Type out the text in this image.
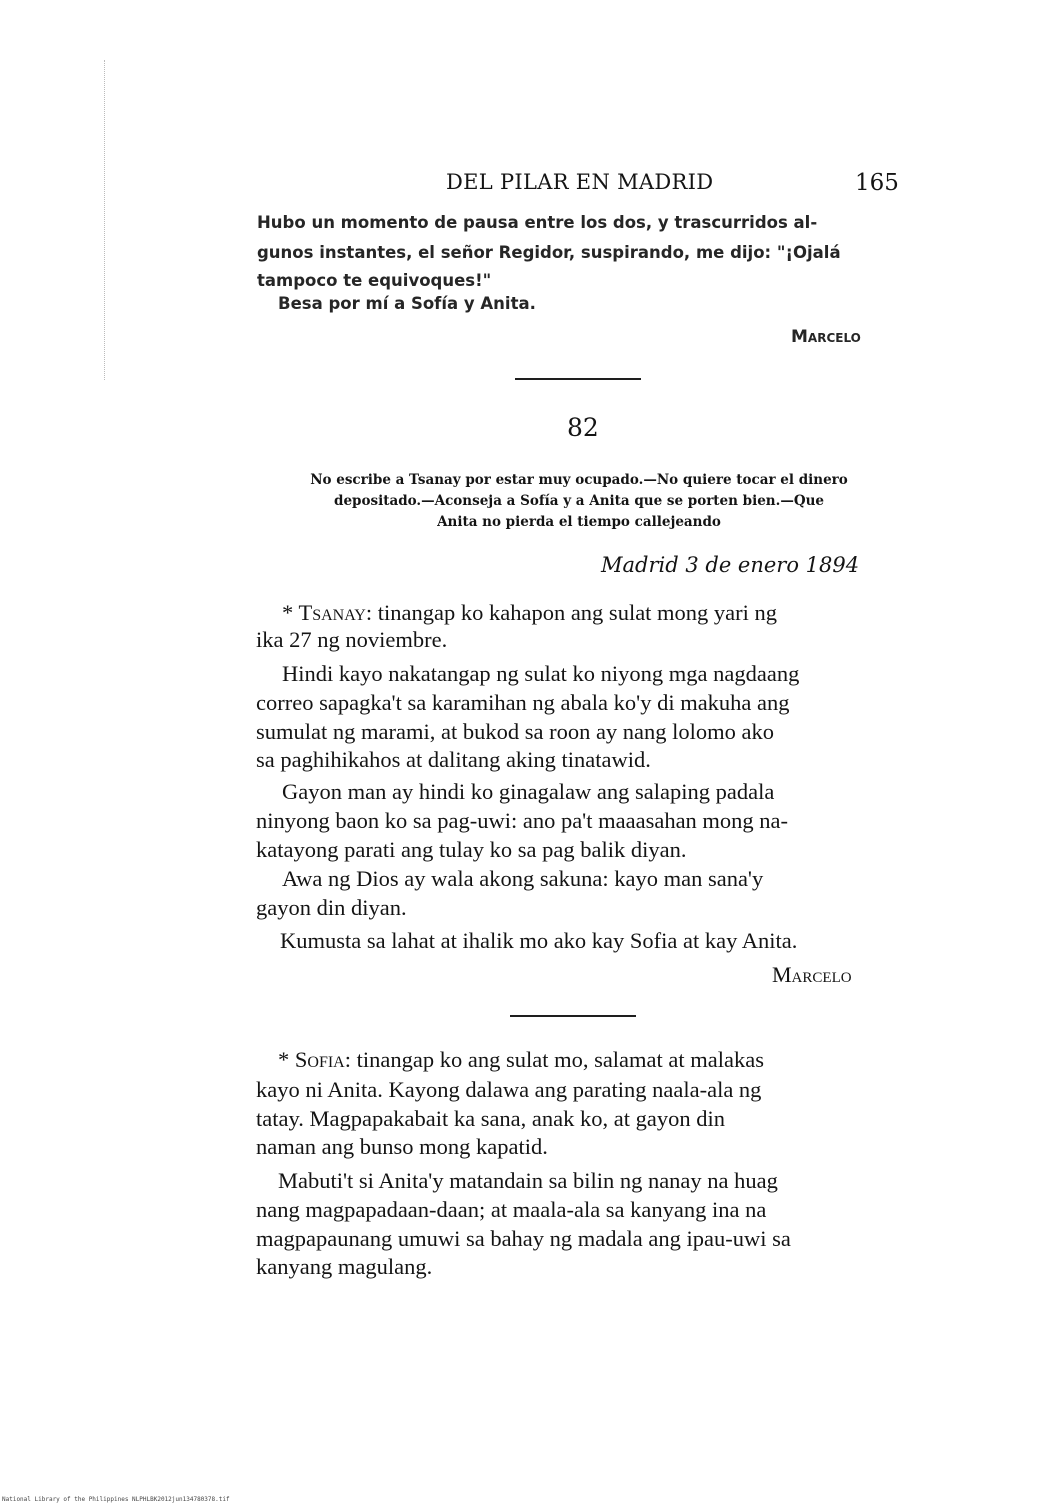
DEL PILAR EN MADRID	165
Hubo un momento de pausa entre los dos, y trascurridos al-
gunos instantes, el señor Regidor, suspirando, me dijo: "¡Ojalá
tampoco te equivoques!"
Besa por mí a Sofía y Anita.
Marcelo
82
No escribe a Tsanay por estar muy ocupado.—No quiere tocar el dinero
depositado.—Aconseja a Sofía y a Anita que se porten bien.—Que
Anita no pierda el tiempo callejeando
Madrid 3 de enero 1894
* Tsanay: tinangap ko kahapon ang sulat mong yari ng
ika 27 ng noviembre.
Hindi kayo nakatangap ng sulat ko niyong mga nagdaang
correo sapagka't sa karamihan ng abala ko'y di makuha ang
sumulat ng marami, at bukod sa roon ay nang lolomo ako
sa paghihikahos at dalitang aking tinatawid.
Gayon man ay hindi ko ginagalaw ang salaping padala
ninyong baon ko sa pag-uwi: ano pa't maaasahan mong na-
katayong parati ang tulay ko sa pag balik diyan.
Awa ng Dios ay wala akong sakuna: kayo man sana'y
gayon din diyan.
Kumusta sa lahat at ihalik mo ako kay Sofia at kay Anita.
Marcelo
* Sofia: tinangap ko ang sulat mo, salamat at malakas
kayo ni Anita. Kayong dalawa ang parating naala-ala ng
tatay. Magpapakabait ka sana, anak ko, at gayon din
naman ang bunso mong kapatid.
Mabuti't si Anita'y matandain sa bilin ng nanay na huag
nang magpapadaan-daan; at maala-ala sa kanyang ina na
magpapaunang umuwi sa bahay ng madala ang ipau-uwi sa
kanyang magulang.
National Library of the Philippines NLPHLBK2012jun134780378.tif
